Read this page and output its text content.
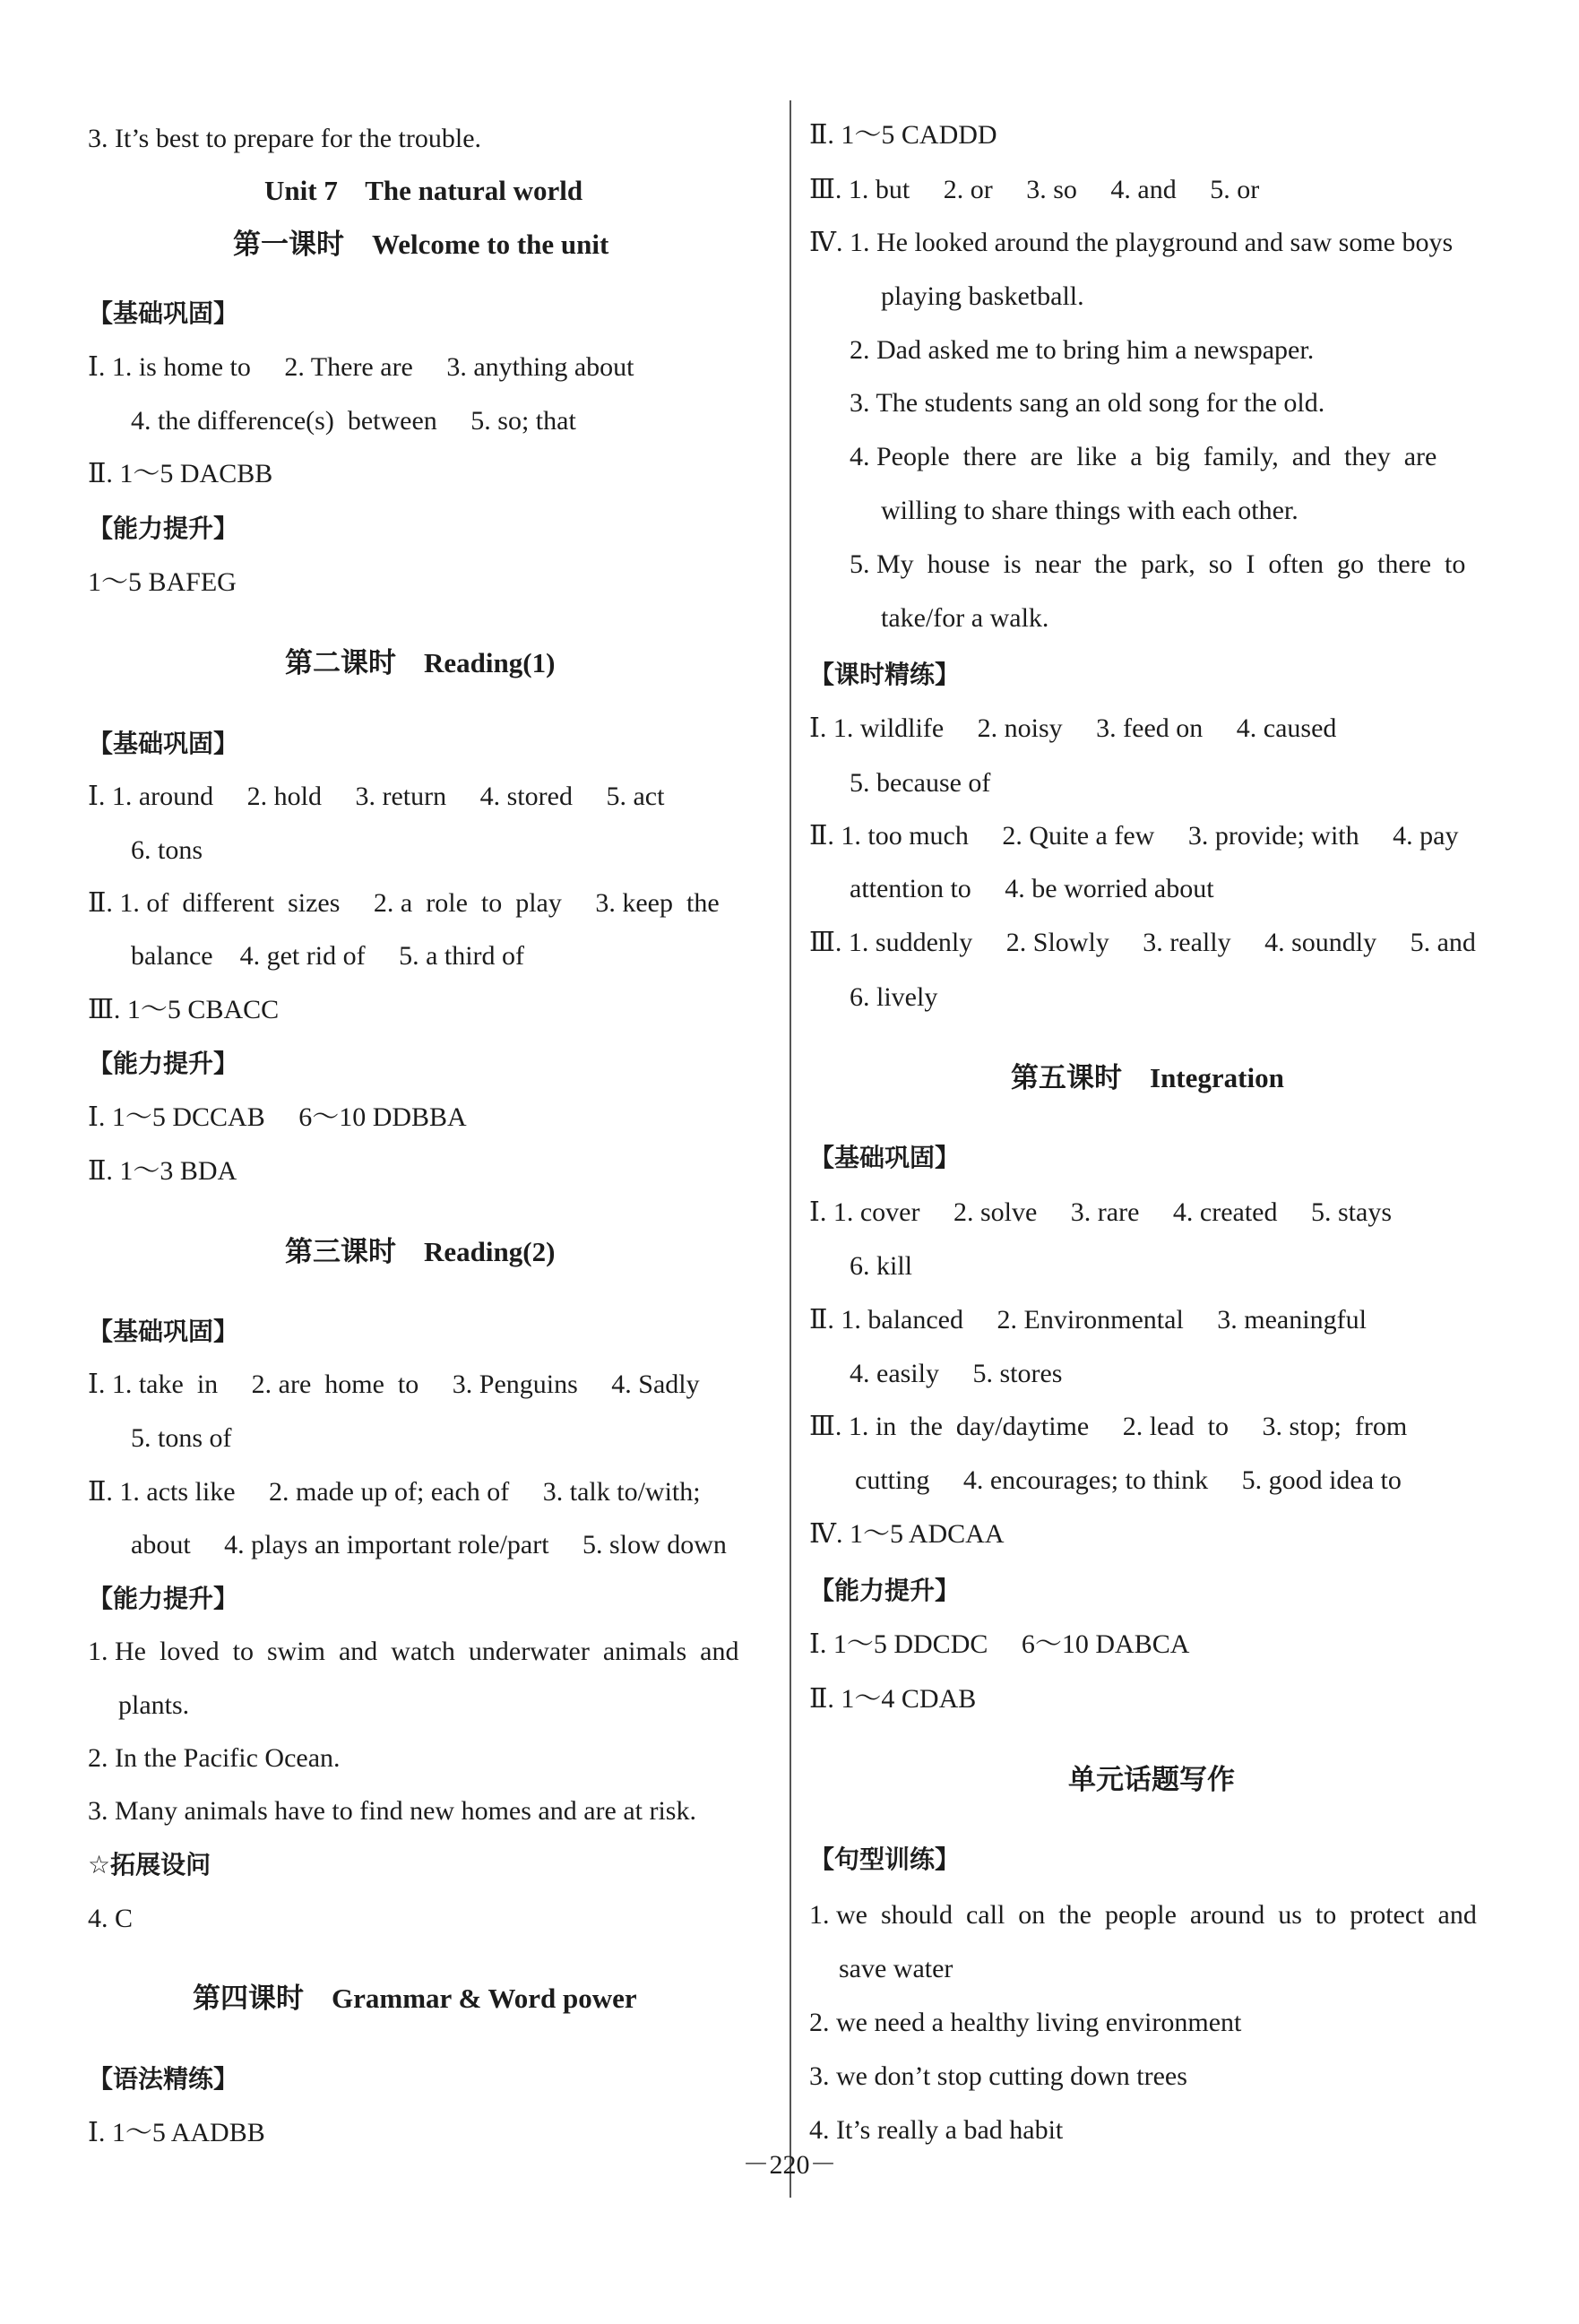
3. It’s best to prepare for the trouble.
Unit 7    The natural world
第一课时    Welcome to the unit
【基础巩固】
Ⅰ. 1. is home to     2. There are     3. anything about
4. the difference(s)  between     5. so; that
Ⅱ. 1～5 DACBB
【能力提升】
1～5 BAFEG
第二课时    Reading(1)
【基础巩固】
Ⅰ. 1. around     2. hold     3. return     4. stored     5. act
6. tons
Ⅱ. 1. of  different  sizes     2. a  role  to  play     3. keep  the
balance    4. get rid of     5. a third of
Ⅲ. 1～5 CBACC
【能力提升】
Ⅰ. 1～5 DCCAB     6～10 DDBBA
Ⅱ. 1～3 BDA
第三课时    Reading(2)
【基础巩固】
Ⅰ. 1. take  in     2. are  home  to     3. Penguins     4. Sadly
5. tons of
Ⅱ. 1. acts like     2. made up of; each of     3. talk to/with;
about     4. plays an important role/part     5. slow down
【能力提升】
1. He  loved  to  swim  and  watch  underwater  animals  and
plants.
2. In the Pacific Ocean.
3. Many animals have to find new homes and are at risk.
☆拓展设问
4. C
第四课时    Grammar & Word power
【语法精练】
Ⅰ. 1～5 AADBB
Ⅱ. 1～5 CADDD
Ⅲ. 1. but     2. or     3. so     4. and     5. or
Ⅳ. 1. He looked around the playground and saw some boys
playing basketball.
2. Dad asked me to bring him a newspaper.
3. The students sang an old song for the old.
4. People  there  are  like  a  big  family,  and  they  are
willing to share things with each other.
5. My  house  is  near  the  park,  so  I  often  go  there  to
take/for a walk.
【课时精练】
Ⅰ. 1. wildlife     2. noisy     3. feed on     4. caused
5. because of
Ⅱ. 1. too much     2. Quite a few     3. provide; with     4. pay
attention to     4. be worried about
Ⅲ. 1. suddenly     2. Slowly     3. really     4. soundly     5. and
6. lively
第五课时    Integration
【基础巩固】
Ⅰ. 1. cover     2. solve     3. rare     4. created     5. stays
6. kill
Ⅱ. 1. balanced     2. Environmental     3. meaningful
4. easily     5. stores
Ⅲ. 1. in  the  day/daytime     2. lead  to     3. stop;  from
cutting     4. encourages; to think     5. good idea to
Ⅳ. 1～5 ADCAA
【能力提升】
Ⅰ. 1～5 DDCDC     6～10 DABCA
Ⅱ. 1～4 CDAB
单元话题写作
【句型训练】
1. we  should  call  on  the  people  around  us  to  protect  and
save water
2. we need a healthy living environment
3. we don’t stop cutting down trees
4. It’s really a bad habit
－220－
